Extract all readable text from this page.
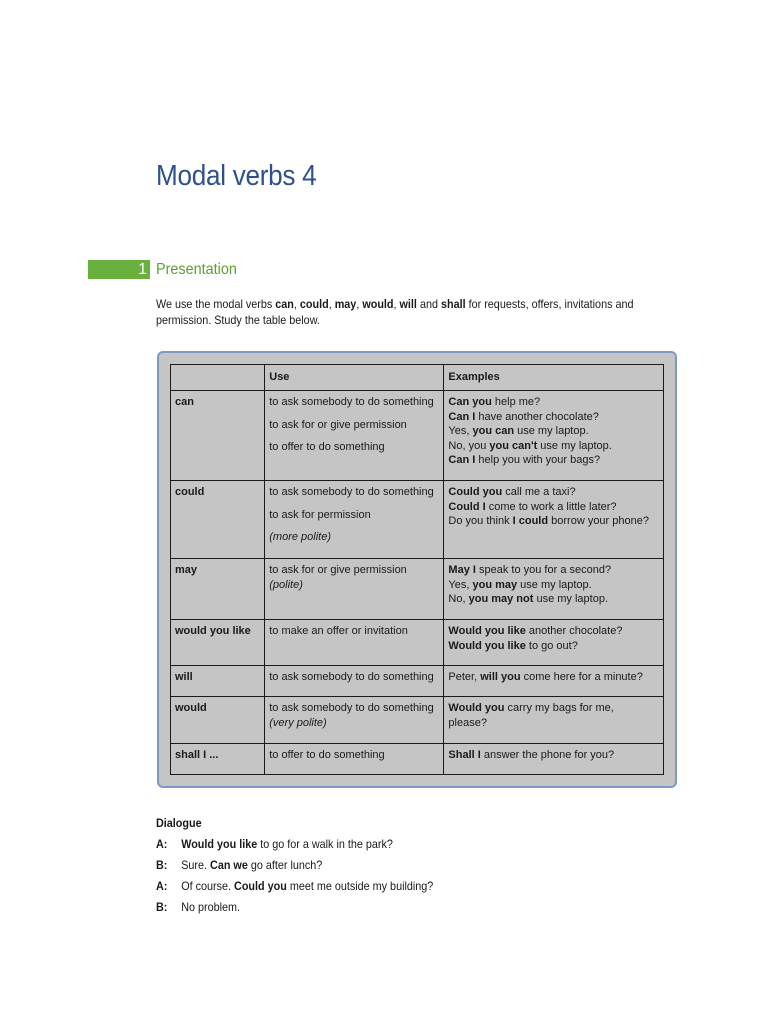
Modal verbs 4
1 Presentation
We use the modal verbs can, could, may, would, will and shall for requests, offers, invitations and permission. Study the table below.
	Use	Examples
can	to ask somebody to do something
to ask for or give permission
to offer to do something	Can you help me?
Can I have another chocolate?
Yes, you can use my laptop.
No, you you can't use my laptop.
Can I help you with your bags?

could	to ask somebody to do something
to ask for permission
(more polite)	Could you call me a taxi?
Could I come to work a little later?
Do you think I could borrow your phone?

may	to ask for or give permission
(polite)	May I speak to you for a second?
Yes, you may use my laptop.
No, you may not use my laptop.

would you like	to make an offer or invitation	Would you like another chocolate?
Would you like to go out?

will	to ask somebody to do something	Peter, will you come here for a minute?

would	to ask somebody to do something
(very polite)	Would you carry my bags for me,
please?

shall I ...	to offer to do something	Shall I answer the phone for you?
Dialogue
A:	Would you like to go for a walk in the park?
B:	Sure. Can we go after lunch?
A:	Of course. Could you meet me outside my building?
B:	No problem.
